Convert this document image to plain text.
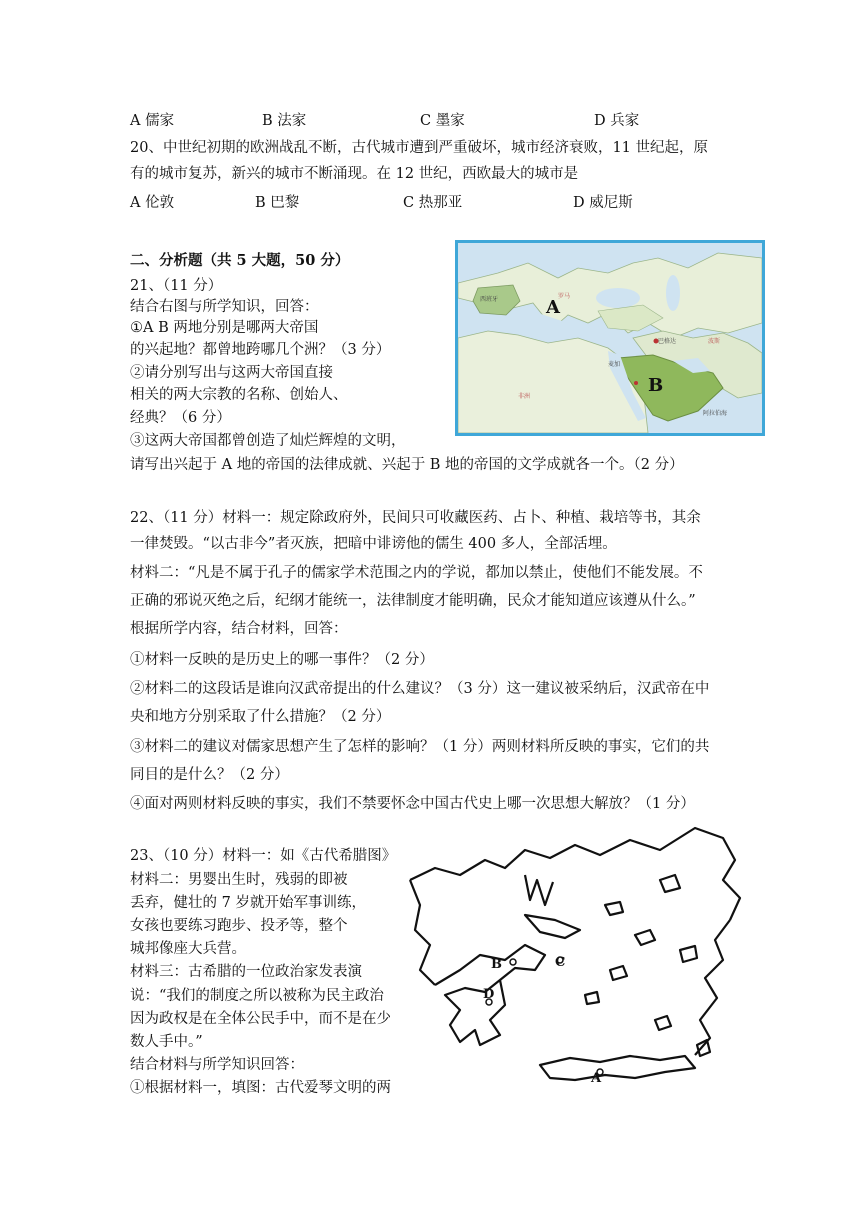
A 儒家	B 法家	C 墨家	D 兵家
20、中世纪初期的欧洲战乱不断，古代城市遭到严重破坏，城市经济衰败，11 世纪起，原
有的城市复苏，新兴的城市不断涌现。在 12 世纪，西欧最大的城市是
A 伦敦	B 巴黎	C 热那亚	D 威尼斯
二、分析题（共 5 大题，50 分）
21、（11 分）
结合右图与所学知识，回答：
①A B 两地分别是哪两大帝国
的兴起地？都曾地跨哪几个洲？（3 分）
②请分别写出与这两大帝国直接
相关的两大宗教的名称、创始人、
经典？（6 分）
③这两大帝国都曾创造了灿烂辉煌的文明，
请写出兴起于 A 地的帝国的法律成就、兴起于 B 地的帝国的文学成就各一个。（2 分）
西班牙
巴格达
麦加
非洲
阿拉伯海
罗马
波斯
A
B
22、（11 分）材料一：规定除政府外，民间只可收藏医药、占卜、种植、栽培等书，其余
一律焚毁。“以古非今”者灭族，把暗中诽谤他的儒生 400 多人，全部活埋。
材料二：“凡是不属于孔子的儒家学术范围之内的学说，都加以禁止，使他们不能发展。不
正确的邪说灭绝之后，纪纲才能统一，法律制度才能明确，民众才能知道应该遵从什么。”
根据所学内容，结合材料，回答：
①材料一反映的是历史上的哪一事件？（2 分）
②材料二的这段话是谁向汉武帝提出的什么建议？（3 分）这一建议被采纳后，汉武帝在中
央和地方分别采取了什么措施？（2 分）
③材料二的建议对儒家思想产生了怎样的影响？（1 分）两则材料所反映的事实，它们的共
同目的是什么？（2 分）
④面对两则材料反映的事实，我们不禁要怀念中国古代史上哪一次思想大解放？（1 分）
23、（10 分）材料一：如《古代希腊图》
材料二：男婴出生时，残弱的即被
丢弃，健壮的 7 岁就开始军事训练，
女孩也要练习跑步、投矛等，整个
城邦像座大兵营。
材料三：古希腊的一位政治家发表演
说：“我们的制度之所以被称为民主政治
因为政权是在全体公民手中，而不是在少
数人手中。”
结合材料与所学知识回答：
①根据材料一，填图：古代爱琴文明的两
B	C
D
A
